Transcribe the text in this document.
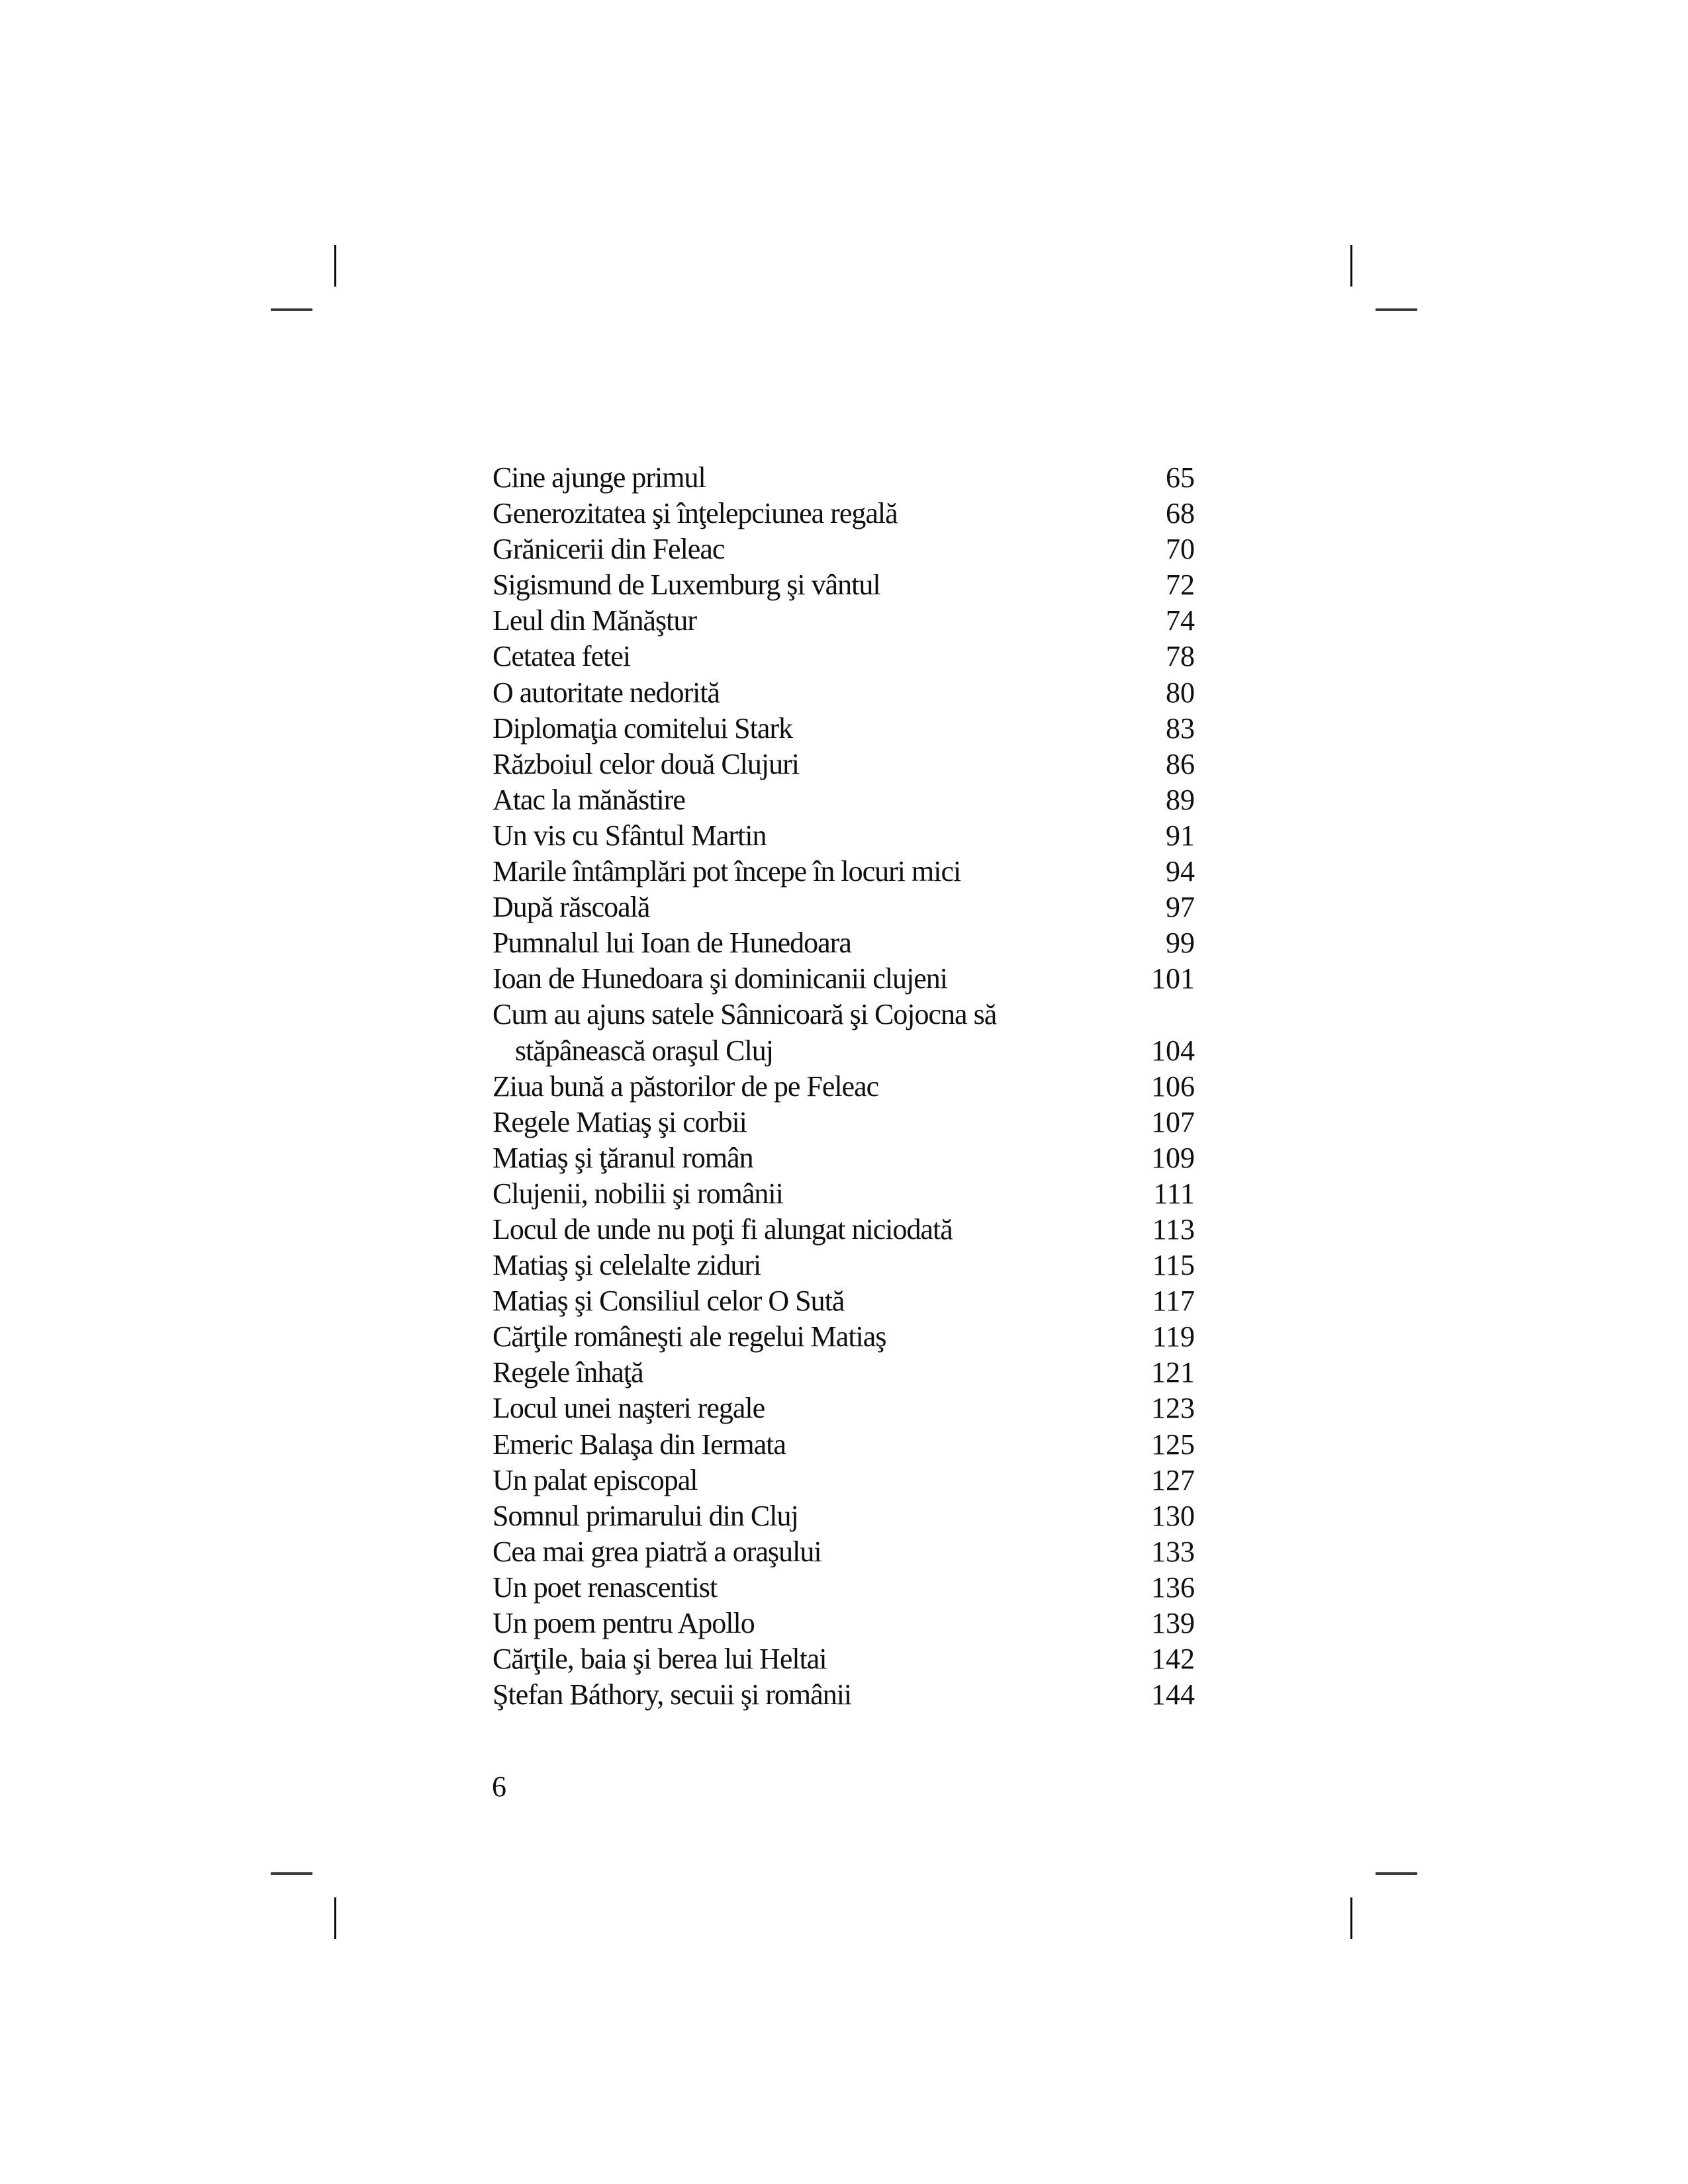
Cine ajunge primul	65
Generozitatea şi înţelepciunea regală	68
Grănicerii din Feleac	70
Sigismund de Luxemburg şi vântul	72
Leul din Mănăştur	74
Cetatea fetei	78
O autoritate nedorită	80
Diplomaţia comitelui Stark	83
Războiul celor două Clujuri	86
Atac la mănăstire	89
Un vis cu Sfântul Martin	91
Marile întâmplări pot începe în locuri mici	94
După răscoală	97
Pumnalul lui Ioan de Hunedoara	99
Ioan de Hunedoara şi dominicanii clujeni	101
Cum au ajuns satele Sânnicoară şi Cojocna să
stăpânească oraşul Cluj	104
Ziua bună a păstorilor de pe Feleac	106
Regele Matiaş şi corbii	107
Matiaş şi ţăranul român	109
Clujenii, nobilii şi românii	111
Locul de unde nu poţi fi alungat niciodată	113
Matiaş şi celelalte ziduri	115
Matiaş şi Consiliul celor O Sută	117
Cărţile româneşti ale regelui Matiaş	119
Regele înhaţă	121
Locul unei naşteri regale	123
Emeric Balaşa din Iermata	125
Un palat episcopal	127
Somnul primarului din Cluj	130
Cea mai grea piatră a oraşului	133
Un poet renascentist	136
Un poem pentru Apollo	139
Cărţile, baia şi berea lui Heltai	142
Ştefan Báthory, secuii şi românii	144
6
